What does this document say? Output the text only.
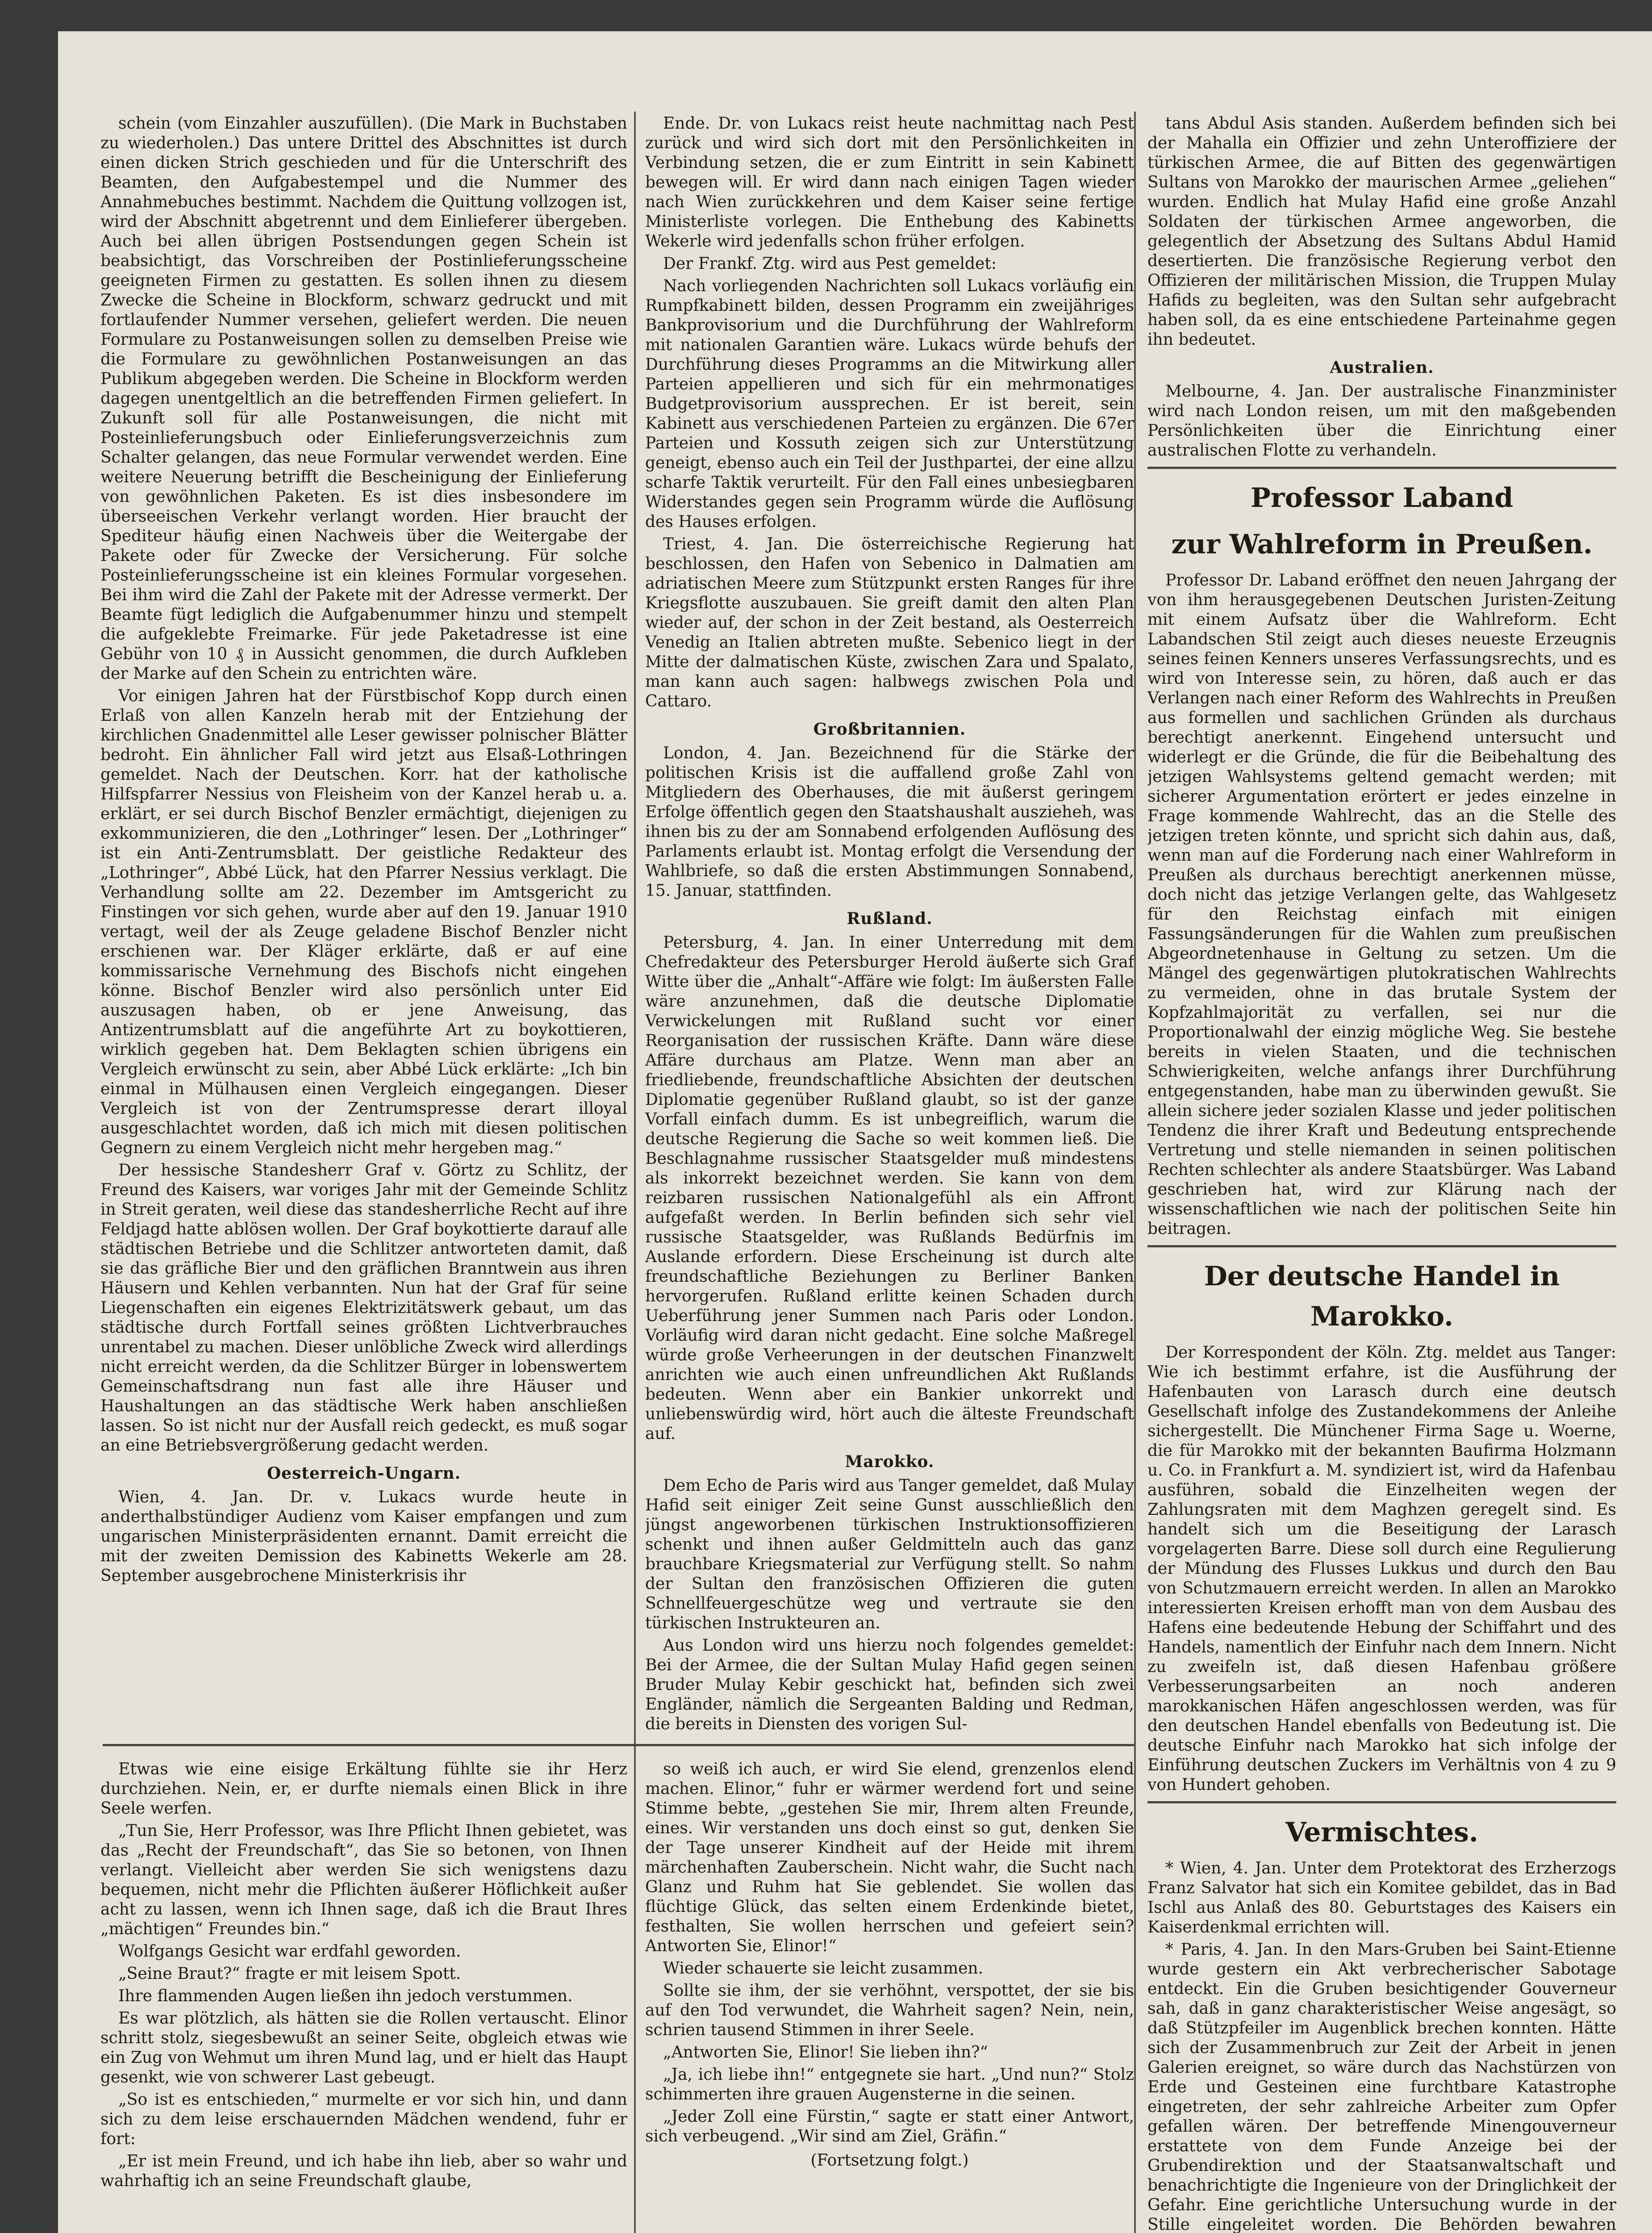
schein (vom Einzahler auszufüllen). (Die Mark in Buchstaben zu wiederholen.) Das untere Drittel des Abschnittes ist durch einen dicken Strich geschieden und für die Unterschrift des Beamten, den Aufgabestempel und die Nummer des Annahmebuches bestimmt. Nachdem die Quittung vollzogen ist, wird der Abschnitt abgetrennt und dem Einlieferer übergeben. Auch bei allen übrigen Postsendungen gegen Schein ist beabsichtigt, das Vorschreiben der Postinlieferungsscheine geeigneten Firmen zu gestatten. Es sollen ihnen zu diesem Zwecke die Scheine in Blockform, schwarz gedruckt und mit fortlaufender Nummer versehen, geliefert werden. Die neuen Formulare zu Postanweisungen sollen zu demselben Preise wie die Formulare zu gewöhnlichen Postanweisungen an das Publikum abgegeben werden. Die Scheine in Blockform werden dagegen unentgeltlich an die betreffenden Firmen geliefert. In Zukunft soll für alle Postanweisungen, die nicht mit Posteinlieferungsbuch oder Einlieferungsverzeichnis zum Schalter gelangen, das neue Formular verwendet werden. Eine weitere Neuerung betrifft die Bescheinigung der Einlieferung von gewöhnlichen Paketen. Es ist dies insbesondere im überseeischen Verkehr verlangt worden. Hier braucht der Spediteur häufig einen Nachweis über die Weitergabe der Pakete oder für Zwecke der Versicherung. Für solche Posteinlieferungsscheine ist ein kleines Formular vorgesehen. Bei ihm wird die Zahl der Pakete mit der Adresse vermerkt. Der Beamte fügt lediglich die Aufgabenummer hinzu und stempelt die aufgeklebte Freimarke. Für jede Paketadresse ist eine Gebühr von 10 ₰ in Aussicht genommen, die durch Aufkleben der Marke auf den Schein zu entrichten wäre.

Vor einigen Jahren hat der Fürstbischof Kopp durch einen Erlaß von allen Kanzeln herab mit der Entziehung der kirchlichen Gnadenmittel alle Leser gewisser polnischer Blätter bedroht. Ein ähnlicher Fall wird jetzt aus Elsaß-Lothringen gemeldet. Nach der Deutschen. Korr. hat der katholische Hilfspfarrer Nessius von Fleisheim von der Kanzel herab u. a. erklärt, er sei durch Bischof Benzler ermächtigt, diejenigen zu exkommunizieren, die den „Lothringer“ lesen. Der „Lothringer“ ist ein Anti-Zentrumsblatt. Der geistliche Redakteur des „Lothringer“, Abbé Lück, hat den Pfarrer Nessius verklagt. Die Verhandlung sollte am 22. Dezember im Amtsgericht zu Finstingen vor sich gehen, wurde aber auf den 19. Januar 1910 vertagt, weil der als Zeuge geladene Bischof Benzler nicht erschienen war. Der Kläger erklärte, daß er auf eine kommissarische Vernehmung des Bischofs nicht eingehen könne. Bischof Benzler wird also persönlich unter Eid auszusagen haben, ob er jene Anweisung, das Antizentrumsblatt auf die angeführte Art zu boykottieren, wirklich gegeben hat. Dem Beklagten schien übrigens ein Vergleich erwünscht zu sein, aber Abbé Lück erklärte: „Ich bin einmal in Mülhausen einen Vergleich eingegangen. Dieser Vergleich ist von der Zentrumspresse derart illoyal ausgeschlachtet worden, daß ich mich mit diesen politischen Gegnern zu einem Vergleich nicht mehr hergeben mag.“

Der hessische Standesherr Graf v. Görtz zu Schlitz, der Freund des Kaisers, war voriges Jahr mit der Gemeinde Schlitz in Streit geraten, weil diese das standesherrliche Recht auf ihre Feldjagd hatte ablösen wollen. Der Graf boykottierte darauf alle städtischen Betriebe und die Schlitzer antworteten damit, daß sie das gräfliche Bier und den gräflichen Branntwein aus ihren Häusern und Kehlen verbannten. Nun hat der Graf für seine Liegenschaften ein eigenes Elektrizitätswerk gebaut, um das städtische durch Fortfall seines größten Lichtverbrauches unrentabel zu machen. Dieser unlöbliche Zweck wird allerdings nicht erreicht werden, da die Schlitzer Bürger in lobenswertem Gemeinschaftsdrang nun fast alle ihre Häuser und Haushaltungen an das städtische Werk haben anschließen lassen. So ist nicht nur der Ausfall reich gedeckt, es muß sogar an eine Betriebsvergrößerung gedacht werden.

Oesterreich-Ungarn.

Wien, 4. Jan. Dr. v. Lukacs wurde heute in anderthalbstündiger Audienz vom Kaiser empfangen und zum ungarischen Ministerpräsidenten ernannt. Damit erreicht die mit der zweiten Demission des Kabinetts Wekerle am 28. September ausgebrochene Ministerkrisis ihr

Ende. Dr. von Lukacs reist heute nachmittag nach Pest zurück und wird sich dort mit den Persönlichkeiten in Verbindung setzen, die er zum Eintritt in sein Kabinett bewegen will. Er wird dann nach einigen Tagen wieder nach Wien zurückkehren und dem Kaiser seine fertige Ministerliste vorlegen. Die Enthebung des Kabinetts Wekerle wird jedenfalls schon früher erfolgen.

Der Frankf. Ztg. wird aus Pest gemeldet:

Nach vorliegenden Nachrichten soll Lukacs vorläufig ein Rumpfkabinett bilden, dessen Programm ein zweijähriges Bankprovisorium und die Durchführung der Wahlreform mit nationalen Garantien wäre. Lukacs würde behufs der Durchführung dieses Programms an die Mitwirkung aller Parteien appellieren und sich für ein mehrmonatiges Budgetprovisorium aussprechen. Er ist bereit, sein Kabinett aus verschiedenen Parteien zu ergänzen. Die 67er Parteien und Kossuth zeigen sich zur Unterstützung geneigt, ebenso auch ein Teil der Justhpartei, der eine allzu scharfe Taktik verurteilt. Für den Fall eines unbesiegbaren Widerstandes gegen sein Programm würde die Auflösung des Hauses erfolgen.

Triest, 4. Jan. Die österreichische Regierung hat beschlossen, den Hafen von Sebenico in Dalmatien am adriatischen Meere zum Stützpunkt ersten Ranges für ihre Kriegsflotte auszubauen. Sie greift damit den alten Plan wieder auf, der schon in der Zeit bestand, als Oesterreich Venedig an Italien abtreten mußte. Sebenico liegt in der Mitte der dalmatischen Küste, zwischen Zara und Spalato, man kann auch sagen: halbwegs zwischen Pola und Cattaro.

Großbritannien.

London, 4. Jan. Bezeichnend für die Stärke der politischen Krisis ist die auffallend große Zahl von Mitgliedern des Oberhauses, die mit äußerst geringem Erfolge öffentlich gegen den Staatshaushalt auszieheh, was ihnen bis zu der am Sonnabend erfolgenden Auflösung des Parlaments erlaubt ist. Montag erfolgt die Versendung der Wahlbriefe, so daß die ersten Abstimmungen Sonnabend, 15. Januar, stattfinden.

Rußland.

Petersburg, 4. Jan. In einer Unterredung mit dem Chefredakteur des Petersburger Herold äußerte sich Graf Witte über die „Anhalt“-Affäre wie folgt: Im äußersten Falle wäre anzunehmen, daß die deutsche Diplomatie Verwickelungen mit Rußland sucht vor einer Reorganisation der russischen Kräfte. Dann wäre diese Affäre durchaus am Platze. Wenn man aber an friedliebende, freundschaftliche Absichten der deutschen Diplomatie gegenüber Rußland glaubt, so ist der ganze Vorfall einfach dumm. Es ist unbegreiflich, warum die deutsche Regierung die Sache so weit kommen ließ. Die Beschlagnahme russischer Staatsgelder muß mindestens als inkorrekt bezeichnet werden. Sie kann von dem reizbaren russischen Nationalgefühl als ein Affront aufgefaßt werden. In Berlin befinden sich sehr viel russische Staatsgelder, was Rußlands Bedürfnis im Auslande erfordern. Diese Erscheinung ist durch alte freundschaftliche Beziehungen zu Berliner Banken hervorgerufen. Rußland erlitte keinen Schaden durch Ueberführung jener Summen nach Paris oder London. Vorläufig wird daran nicht gedacht. Eine solche Maßregel würde große Verheerungen in der deutschen Finanzwelt anrichten wie auch einen unfreundlichen Akt Rußlands bedeuten. Wenn aber ein Bankier unkorrekt und unliebenswürdig wird, hört auch die älteste Freundschaft auf.

Marokko.

Dem Echo de Paris wird aus Tanger gemeldet, daß Mulay Hafid seit einiger Zeit seine Gunst ausschließlich den jüngst angeworbenen türkischen Instruktionsoffizieren schenkt und ihnen außer Geldmitteln auch das ganz brauchbare Kriegsmaterial zur Verfügung stellt. So nahm der Sultan den französischen Offizieren die guten Schnellfeuergeschütze weg und vertraute sie den türkischen Instrukteuren an.

Aus London wird uns hierzu noch folgendes gemeldet: Bei der Armee, die der Sultan Mulay Hafid gegen seinen Bruder Mulay Kebir geschickt hat, befinden sich zwei Engländer, nämlich die Sergeanten Balding und Redman, die bereits in Diensten des vorigen Sul-

tans Abdul Asis standen. Außerdem befinden sich bei der Mahalla ein Offizier und zehn Unteroffiziere der türkischen Armee, die auf Bitten des gegenwärtigen Sultans von Marokko der maurischen Armee „geliehen“ wurden. Endlich hat Mulay Hafid eine große Anzahl Soldaten der türkischen Armee angeworben, die gelegentlich der Absetzung des Sultans Abdul Hamid desertierten. Die französische Regierung verbot den Offizieren der militärischen Mission, die Truppen Mulay Hafids zu begleiten, was den Sultan sehr aufgebracht haben soll, da es eine entschiedene Parteinahme gegen ihn bedeutet.

Australien.

Melbourne, 4. Jan. Der australische Finanzminister wird nach London reisen, um mit den maßgebenden Persönlichkeiten über die Einrichtung einer australischen Flotte zu verhandeln.

Professor Laband
zur Wahlreform in Preußen.

Professor Dr. Laband eröffnet den neuen Jahrgang der von ihm herausgegebenen Deutschen Juristen-Zeitung mit einem Aufsatz über die Wahlreform. Echt Labandschen Stil zeigt auch dieses neueste Erzeugnis seines feinen Kenners unseres Verfassungsrechts, und es wird von Interesse sein, zu hören, daß auch er das Verlangen nach einer Reform des Wahlrechts in Preußen aus formellen und sachlichen Gründen als durchaus berechtigt anerkennt. Eingehend untersucht und widerlegt er die Gründe, die für die Beibehaltung des jetzigen Wahlsystems geltend gemacht werden; mit sicherer Argumentation erörtert er jedes einzelne in Frage kommende Wahlrecht, das an die Stelle des jetzigen treten könnte, und spricht sich dahin aus, daß, wenn man auf die Forderung nach einer Wahlreform in Preußen als durchaus berechtigt anerkennen müsse, doch nicht das jetzige Verlangen gelte, das Wahlgesetz für den Reichstag einfach mit einigen Fassungsänderungen für die Wahlen zum preußischen Abgeordnetenhause in Geltung zu setzen. Um die Mängel des gegenwärtigen plutokratischen Wahlrechts zu vermeiden, ohne in das brutale System der Kopfzahlmajorität zu verfallen, sei nur die Proportionalwahl der einzig mögliche Weg. Sie bestehe bereits in vielen Staaten, und die technischen Schwierigkeiten, welche anfangs ihrer Durchführung entgegenstanden, habe man zu überwinden gewußt. Sie allein sichere jeder sozialen Klasse und jeder politischen Tendenz die ihrer Kraft und Bedeutung entsprechende Vertretung und stelle niemanden in seinen politischen Rechten schlechter als andere Staatsbürger. Was Laband geschrieben hat, wird zur Klärung nach der wissenschaftlichen wie nach der politischen Seite hin beitragen.

Der deutsche Handel in Marokko.

Der Korrespondent der Köln. Ztg. meldet aus Tanger: Wie ich bestimmt erfahre, ist die Ausführung der Hafenbauten von Larasch durch eine deutsch Gesellschaft infolge des Zustandekommens der Anleihe sichergestellt. Die Münchener Firma Sage u. Woerne, die für Marokko mit der bekannten Baufirma Holzmann u. Co. in Frankfurt a. M. syndiziert ist, wird da Hafenbau ausführen, sobald die Einzelheiten wegen der Zahlungsraten mit dem Maghzen geregelt sind. Es handelt sich um die Beseitigung der Larasch vorgelagerten Barre. Diese soll durch eine Regulierung der Mündung des Flusses Lukkus und durch den Bau von Schutzmauern erreicht werden. In allen an Marokko interessierten Kreisen erhofft man von dem Ausbau des Hafens eine bedeutende Hebung der Schiffahrt und des Handels, namentlich der Einfuhr nach dem Innern. Nicht zu zweifeln ist, daß diesen Hafenbau größere Verbesserungsarbeiten an noch anderen marokkanischen Häfen angeschlossen werden, was für den deutschen Handel ebenfalls von Bedeutung ist. Die deutsche Einfuhr nach Marokko hat sich infolge der Einführung deutschen Zuckers im Verhältnis von 4 zu 9 von Hundert gehoben.

Vermischtes.

* Wien, 4. Jan. Unter dem Protektorat des Erzherzogs Franz Salvator hat sich ein Komitee gebildet, das in Bad Ischl aus Anlaß des 80. Geburtstages des Kaisers ein Kaiserdenkmal errichten will.

* Paris, 4. Jan. In den Mars-Gruben bei Saint-Etienne wurde gestern ein Akt verbrecherischer Sabotage entdeckt. Ein die Gruben besichtigender Gouverneur sah, daß in ganz charakteristischer Weise angesägt, so daß Stützpfeiler im Augenblick brechen konnten. Hätte sich der Zusammenbruch zur Zeit der Arbeit in jenen Galerien ereignet, so wäre durch das Nachstürzen von Erde und Gesteinen eine furchtbare Katastrophe eingetreten, der sehr zahlreiche Arbeiter zum Opfer gefallen wären. Der betreffende Minengouverneur erstattete von dem Funde Anzeige bei der Grubendirektion und der Staatsanwaltschaft und benachrichtigte die Ingenieure von der Dringlichkeit der Gefahr. Eine gerichtliche Untersuchung wurde in der Stille eingeleitet worden. Die Behörden bewahren

Etwas wie eine eisige Erkältung fühlte sie ihr Herz durchziehen. Nein, er, er durfte niemals einen Blick in ihre Seele werfen.

„Tun Sie, Herr Professor, was Ihre Pflicht Ihnen gebietet, was das „Recht der Freundschaft“, das Sie so betonen, von Ihnen verlangt. Vielleicht aber werden Sie sich wenigstens dazu bequemen, nicht mehr die Pflichten äußerer Höflichkeit außer acht zu lassen, wenn ich Ihnen sage, daß ich die Braut Ihres „mächtigen“ Freundes bin.“

Wolfgangs Gesicht war erdfahl geworden.

„Seine Braut?“ fragte er mit leisem Spott.

Ihre flammenden Augen ließen ihn jedoch verstummen.

Es war plötzlich, als hätten sie die Rollen vertauscht. Elinor schritt stolz, siegesbewußt an seiner Seite, obgleich etwas wie ein Zug von Wehmut um ihren Mund lag, und er hielt das Haupt gesenkt, wie von schwerer Last gebeugt.

„So ist es entschieden,“ murmelte er vor sich hin, und dann sich zu dem leise erschauernden Mädchen wendend, fuhr er fort:

„Er ist mein Freund, und ich habe ihn lieb, aber so wahr und wahrhaftig ich an seine Freundschaft glaube,

so weiß ich auch, er wird Sie elend, grenzenlos elend machen. Elinor,“ fuhr er wärmer werdend fort und seine Stimme bebte, „gestehen Sie mir, Ihrem alten Freunde, eines. Wir verstanden uns doch einst so gut, denken Sie der Tage unserer Kindheit auf der Heide mit ihrem märchenhaften Zauberschein. Nicht wahr, die Sucht nach Glanz und Ruhm hat Sie geblendet. Sie wollen das flüchtige Glück, das selten einem Erdenkinde bietet, festhalten, Sie wollen herrschen und gefeiert sein? Antworten Sie, Elinor!“

Wieder schauerte sie leicht zusammen.

Sollte sie ihm, der sie verhöhnt, verspottet, der sie bis auf den Tod verwundet, die Wahrheit sagen? Nein, nein, schrien tausend Stimmen in ihrer Seele.

„Antworten Sie, Elinor! Sie lieben ihn?“

„Ja, ich liebe ihn!“ entgegnete sie hart. „Und nun?“ Stolz schimmerten ihre grauen Augensterne in die seinen.

„Jeder Zoll eine Fürstin,“ sagte er statt einer Antwort, sich verbeugend. „Wir sind am Ziel, Gräfin.“

(Fortsetzung folgt.)
